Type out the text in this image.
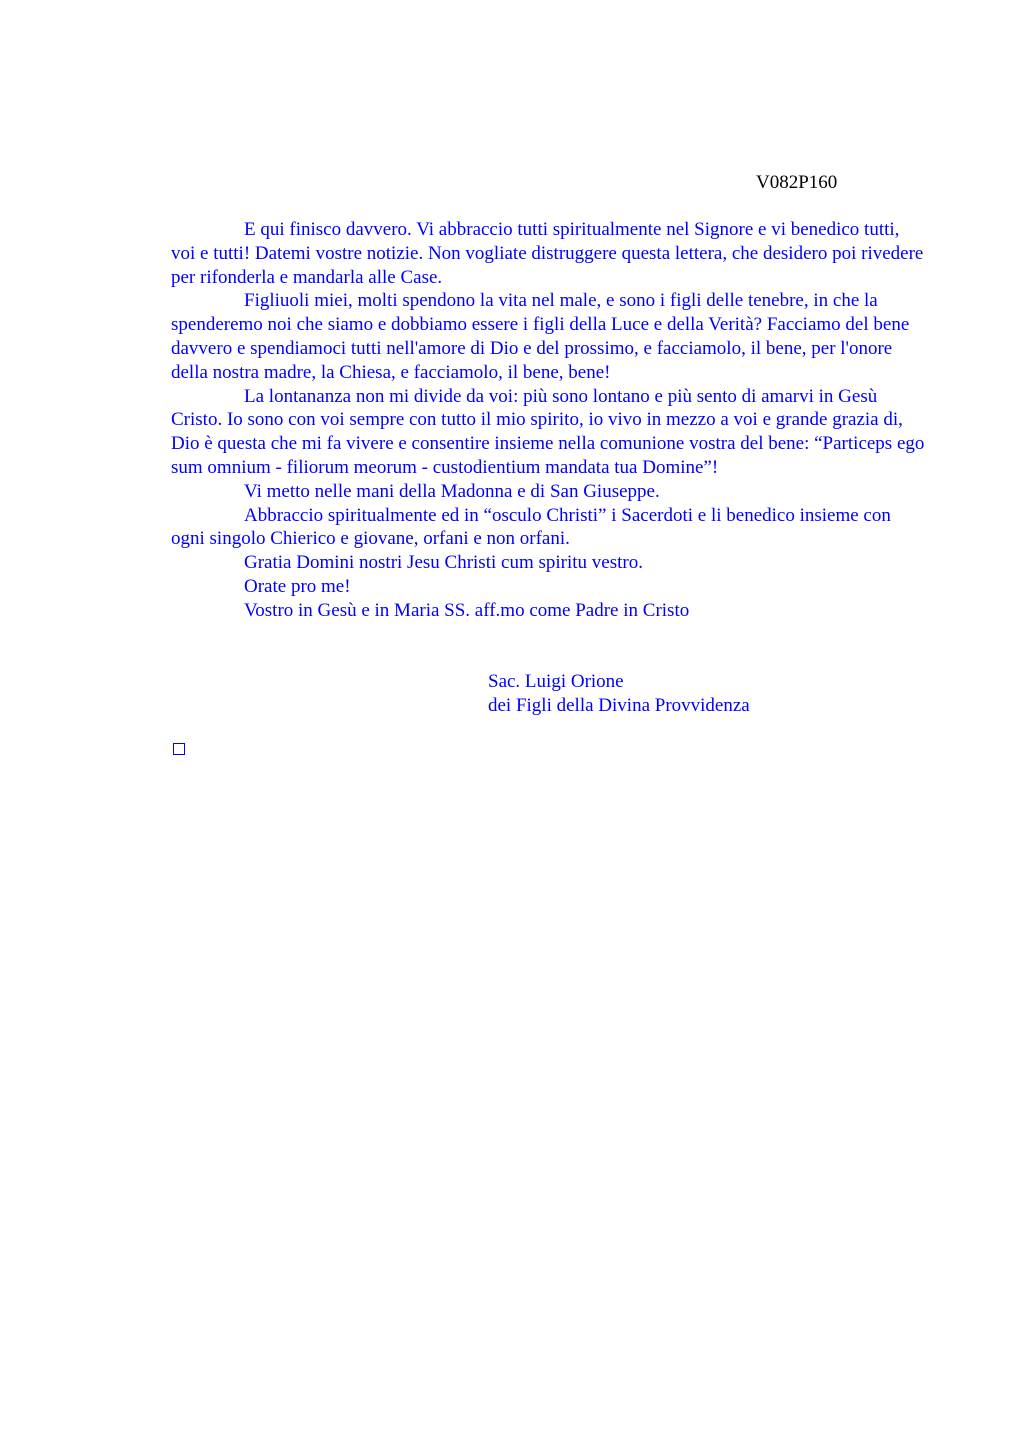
V082P160

E qui finisco davvero. Vi abbraccio tutti spiritualmente nel Signore e vi benedico tutti, voi e tutti! Datemi vostre notizie. Non vogliate distruggere questa lettera, che desidero poi rivedere per rifonderla e mandarla alle Case.

Figliuoli miei, molti spendono la vita nel male, e sono i figli delle tenebre, in che la spenderemo noi che siamo e dobbiamo essere i figli della Luce e della Verità? Facciamo del bene davvero e spendiamoci tutti nell'amore di Dio e del prossimo, e facciamolo, il bene, per l'onore della nostra madre, la Chiesa, e facciamolo, il bene, bene!

La lontananza non mi divide da voi: più sono lontano e più sento di amarvi in Gesù Cristo. Io sono con voi sempre con tutto il mio spirito, io vivo in mezzo a voi e grande grazia di, Dio è questa che mi fa vivere e consentire insieme nella comunione vostra del bene: “Particeps ego sum omnium - filiorum meorum - custodientium mandata tua Domine”!

Vi metto nelle mani della Madonna e di San Giuseppe.

Abbraccio spiritualmente ed in “osculo Christi” i Sacerdoti e li benedico insieme con ogni singolo Chierico e giovane, orfani e non orfani.

Gratia Domini nostri Jesu Christi cum spiritu vestro.

Orate pro me!

Vostro in Gesù e in Maria SS. aff.mo come Padre in Cristo

Sac. Luigi Orione
dei Figli della Divina Provvidenza
